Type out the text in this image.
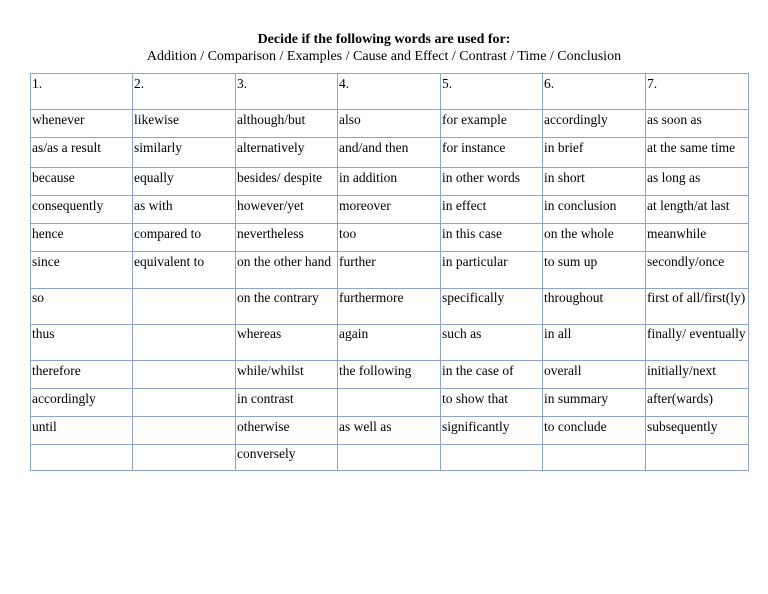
Decide if the following words are used for:
Addition / Comparison / Examples / Cause and Effect / Contrast / Time / Conclusion
1.	2.	3.	4.	5.	6.	7.
whenever	likewise	although/but	also	for example	accordingly	as soon as
as/as a result	similarly	alternatively	and/and then	for instance	in brief	at the same time
because	equally	besides/ despite	in addition	in other words	in short	as long as
consequently	as with	however/yet	moreover	in effect	in conclusion	at length/at last
hence	compared to	nevertheless	too	in this case	on the whole	meanwhile
since	equivalent to	on the other hand	further	in particular	to sum up	secondly/once
so		on the contrary	furthermore	specifically	throughout	first of all/first(ly)
thus		whereas	again	such as	in all	finally/ eventually
therefore		while/whilst	the following	in the case of	overall	initially/next
accordingly		in contrast		to show that	in summary	after(wards)
until		otherwise	as well as	significantly	to conclude	subsequently
		conversely				
